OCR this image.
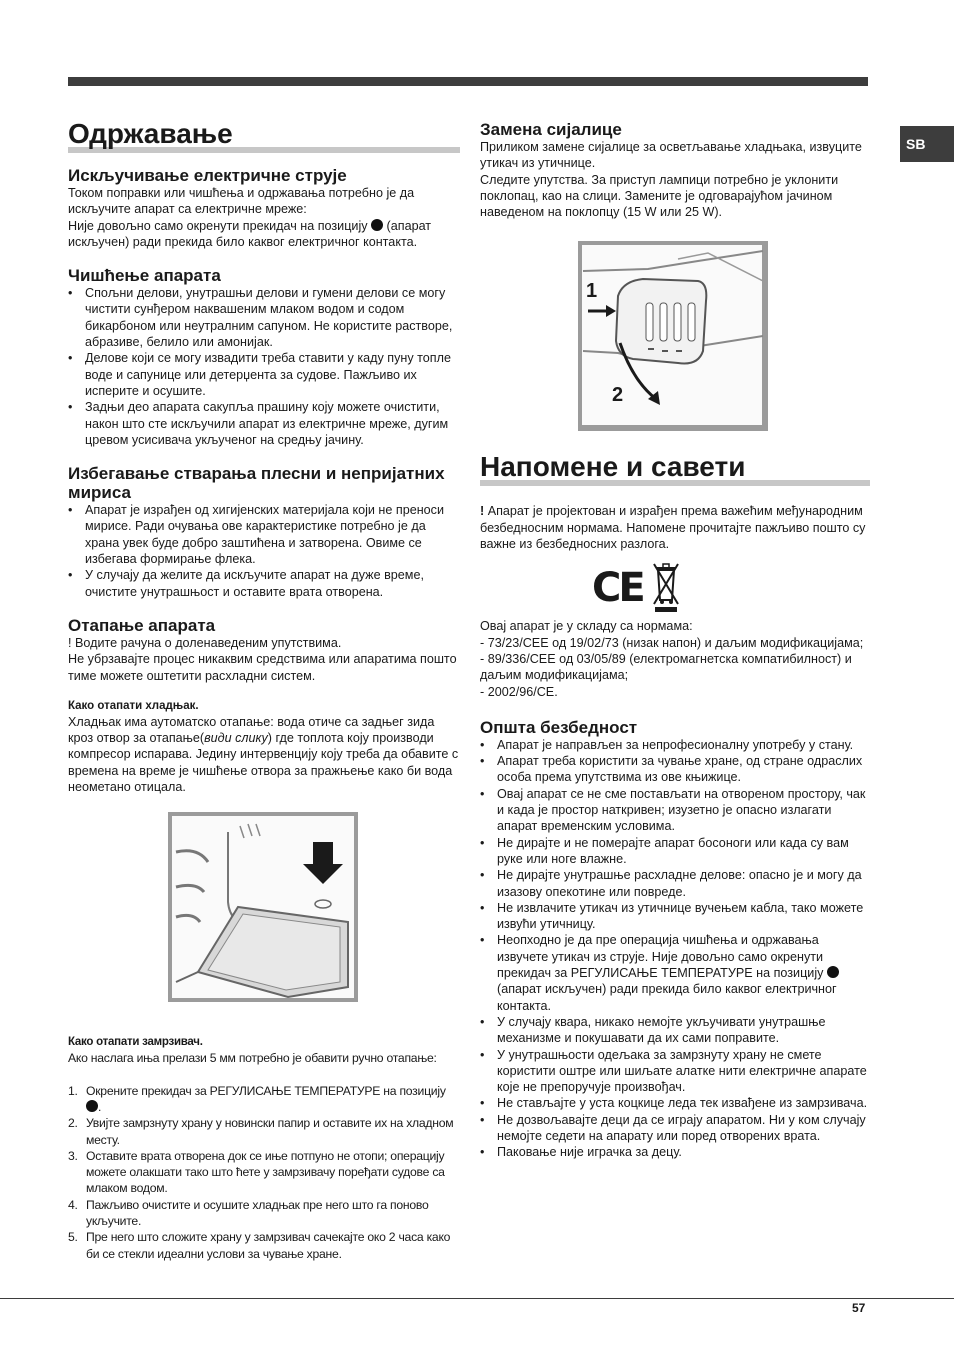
SB
Одржавање
Искључивање електричне струје

Током поправки или чишћења и одржавања потребно је да искључите апарат са електричне мреже:

Није довољно само окренути прекидач на позицију  (апарат искључен) ради прекида било каквог електричног контакта.

Чишћење апарата
• Спољни делови, унутрашњи делови и гумени делови се могу чистити сунђером наквашеним млаком водом и содом бикарбоном или неутралним сапуном. Не користите растворе, абразиве, белило или амонијак.
• Делове који се могу извадити треба ставити у каду пуну топле воде и сапунице или детерџента за судове. Пажљиво их исперите и осушите.
• Задњи део апарата сакупља прашину коју можете очистити, након што сте искључили апарат из електричне мреже, дугим цревом усисивача укљученог на средњу јачину.
Избегавање стварања плесни и непријатних мириса
• Апарат је израђен од хигијенских материјала који не преноси мирисе. Ради очувања ове карактеристике потребно је да храна увек буде добро заштићена и затворена. Овиме се избегава формирање флека.
• У случају да желите да искључите апарат на дуже време, очистите унутрашњост и оставите врата отворена.
Отапање апарата

! Водите рачуна о доленаведеним упутствима.

Не убрзавајте процес никаквим средствима или апаратима пошто тиме можете оштетити расхладни систем.

Како отапати хладњак.

Хладњак има аутоматско отапање: вода отиче са задњег зида кроз отвор за отапање(види слику) где топлота коју производи компресор испарава. Једину интервенцију коју треба да обавите с времена на време је чишћење отвора за пражњење како би вода неометано отицала.

Како отапати замрзивач.

Ако наслага иња прелази 5 мм потребно је обавити ручно отапање:

1. Окрените прекидач за РЕГУЛИСАЊЕ ТЕМПЕРАТУРЕ на позицију .
2. Увијте замрзнуту храну у новински папир и оставите их на хладном месту.
3. Оставите врата отворена док се иње потпуно не отопи; операцију можете олакшати тако што ћете у замрзивачу поређати судове са млаком водом.
4. Пажљиво очистите и осушите хладњак пре него што га поново укључите.
5. Пре него што сложите храну у замрзивач сачекајте око 2 часа како би се стекли идеални услови за чување хране.
Замена сијалице

Приликом замене сијалице за осветљавање хладњака, извуците утикач из утичнице.

Следите упутства. За приступ лампици потребно је уклонити поклопац, као на слици. Замените је одговарајућом јачином наведеном на поклопцу (15 W или 25 W).

1
2
Напомене и савети

! Апарат је пројектован и израђен према важећим међународним безбедносним нормама. Напомене прочитајте пажљиво пошто су важне из безбедносних разлога.

CE

Овај апарат је у складу са нормама:

- 73/23/CEE од 19/02/73 (низак напон) и даљим модификацијама;

- 89/336/CEE од 03/05/89 (електромагнетска компатибилност) и даљим модификацијама;

- 2002/96/CE.

Општа безбедност
• Апарат је направљен за непрофесионалну употребу у стану.
• Апарат треба користити за чување хране, од стране одраслих особа према упутствима из ове књижице.
• Овај апарат се не сме постављати на отвореном простору, чак и када је простор наткривен; изузетно је опасно излагати апарат временским условима.
• Не дирајте и не померајте апарат босоноги или када су вам руке или ноге влажне.
• Не дирајте унутрашње расхладне делове: опасно је и могу да изазову опекотине или повреде.
• Не извлачите утикач из утичнице вучењем кабла, тако можете извући утичницу.
• Неопходно је да пре операција чишћења и одржавања извучете утикач из струје. Није довољно само окренути прекидач за РЕГУЛИСАЊЕ ТЕМПЕРАТУРЕ на позицију  (апарат искључен) ради прекида било каквог електричног контакта.
• У случају квара, никако немојте укључивати унутрашње механизме и покушавати да их сами поправите.
• У унутрашњости одељака за замрзнуту храну не смете користити оштре или шиљате алатке нити електричне апарате које не препоручује произвођач.
• Не стављајте у уста коцкице леда тек извађене из замрзивача.
• Не дозвољавајте деци да се играју апаратом. Ни у ком случају немојте седети на апарату или поред отворених врата.
• Паковање није играчка за децу.
57
